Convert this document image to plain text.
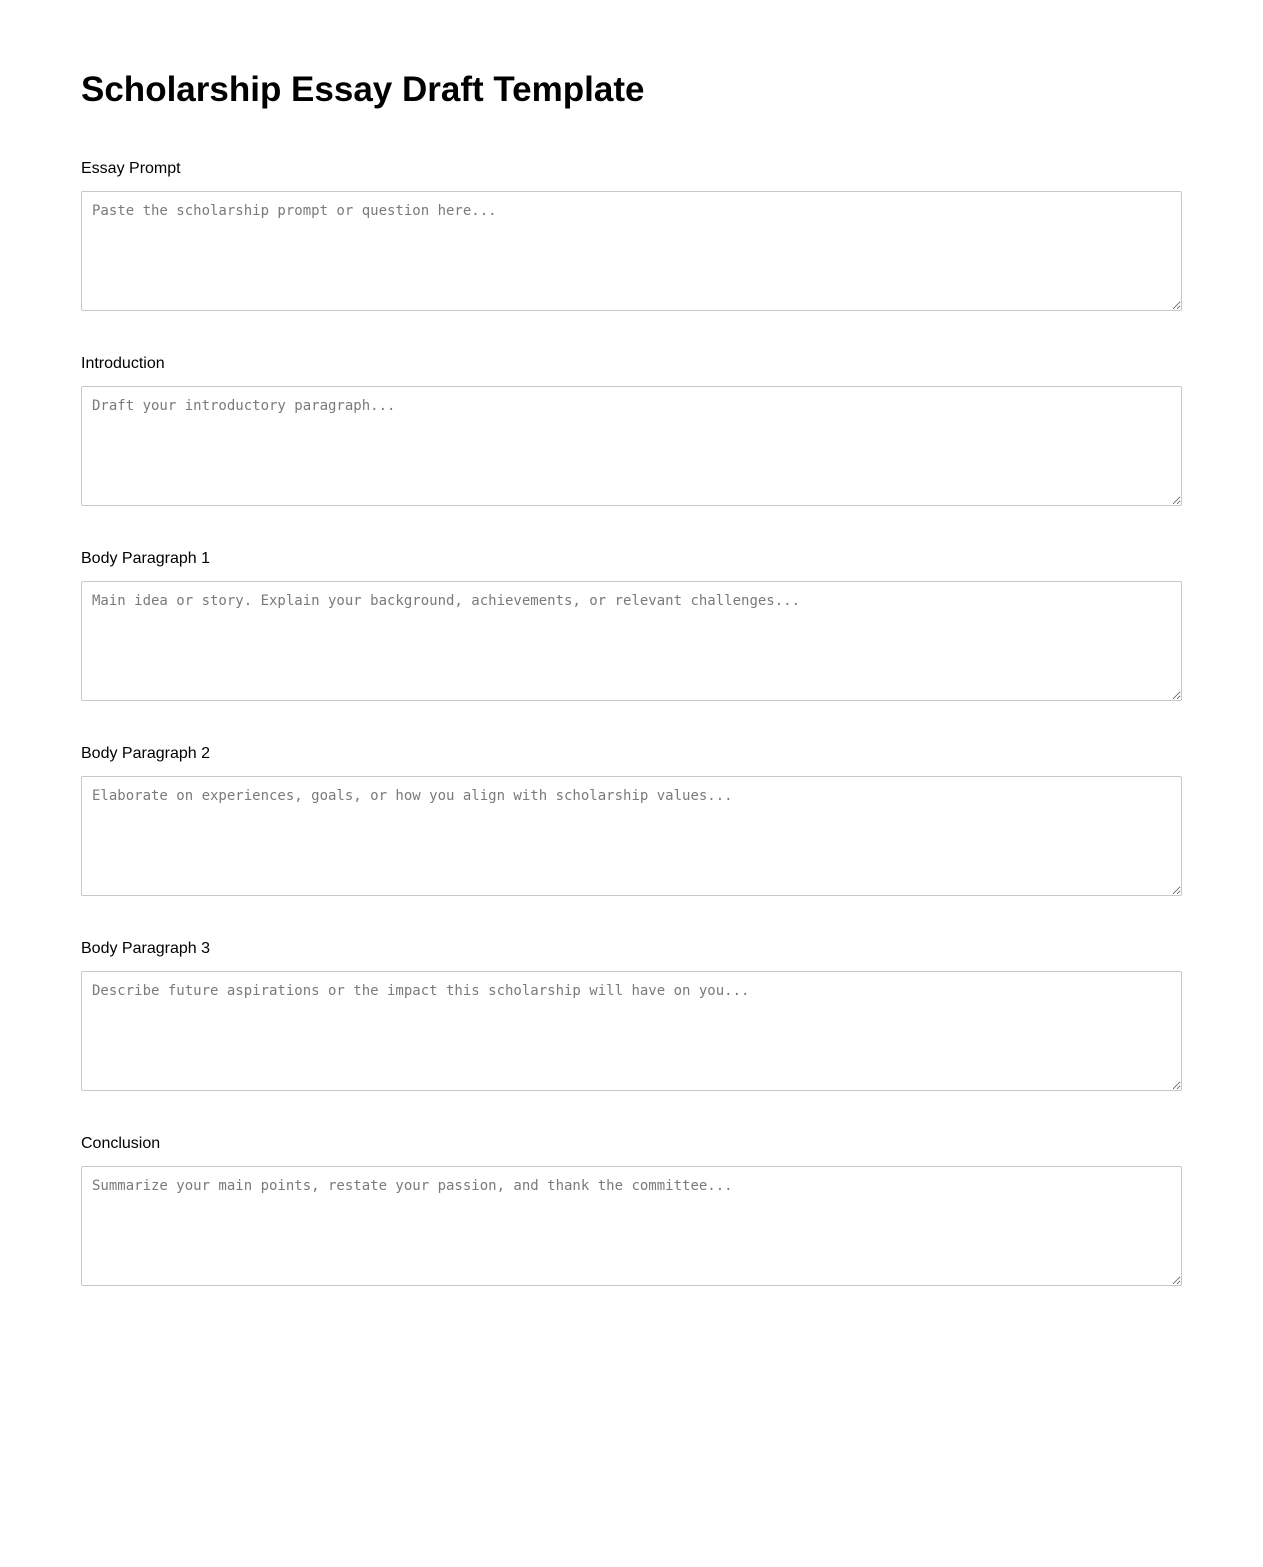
Scholarship Essay Draft Template
Essay Prompt
Paste the scholarship prompt or question here...
Introduction
Draft your introductory paragraph...
Body Paragraph 1
Main idea or story. Explain your background, achievements, or relevant challenges...
Body Paragraph 2
Elaborate on experiences, goals, or how you align with scholarship values...
Body Paragraph 3
Describe future aspirations or the impact this scholarship will have on you...
Conclusion
Summarize your main points, restate your passion, and thank the committee...
